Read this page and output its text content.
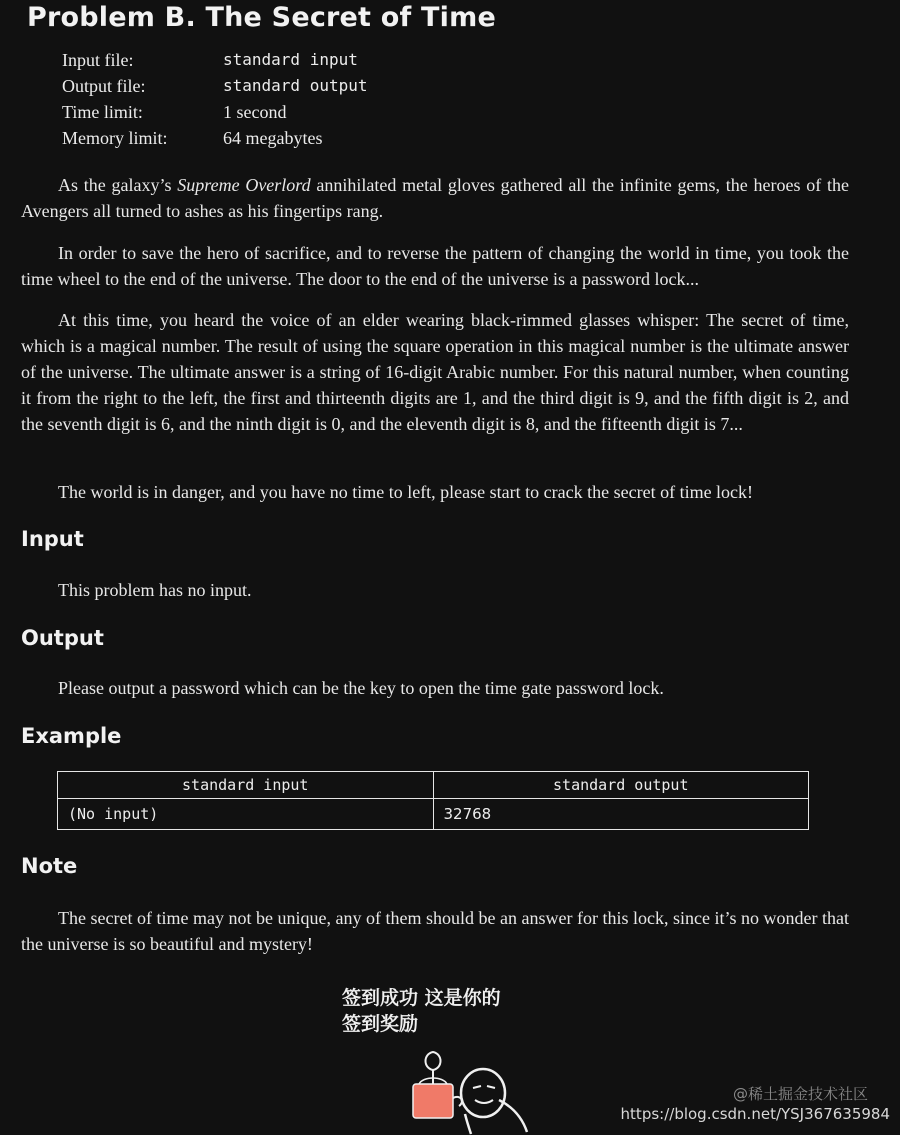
Problem B. The Secret of Time
Input file:	standard input
Output file:	standard output
Time limit:	1 second
Memory limit:	64 megabytes
As the galaxy’s Supreme Overlord annihilated metal gloves gathered all the infinite gems, the heroes of the Avengers all turned to ashes as his fingertips rang.
In order to save the hero of sacrifice, and to reverse the pattern of changing the world in time, you took the time wheel to the end of the universe. The door to the end of the universe is a password lock...
At this time, you heard the voice of an elder wearing black-rimmed glasses whisper: The secret of time, which is a magical number. The result of using the square operation in this magical number is the ultimate answer of the universe. The ultimate answer is a string of 16-digit Arabic number. For this natural number, when counting it from the right to the left, the first and thirteenth digits are 1, and the third digit is 9, and the fifth digit is 2, and the seventh digit is 6, and the ninth digit is 0, and the eleventh digit is 8, and the fifteenth digit is 7...
The world is in danger, and you have no time to left, please start to crack the secret of time lock!
Input
This problem has no input.
Output
Please output a password which can be the key to open the time gate password lock.
Example
standard input	standard output
(No input)	32768
Note
The secret of time may not be unique, any of them should be an answer for this lock, since it’s no wonder that the universe is so beautiful and mystery!
签到成功 这是你的
签到奖励
@稀土掘金技术社区
https://blog.csdn.net/YSJ367635984
